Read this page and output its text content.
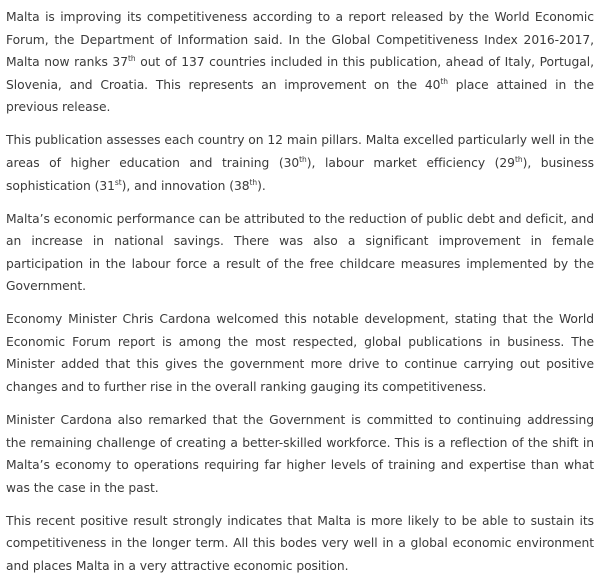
Malta is improving its competitiveness according to a report released by the World Economic Forum, the Department of Information said. In the Global Competitiveness Index 2016-2017, Malta now ranks 37th out of 137 countries included in this publication, ahead of Italy, Portugal, Slovenia, and Croatia. This represents an improvement on the 40th place attained in the previous release.

This publication assesses each country on 12 main pillars. Malta excelled particularly well in the areas of higher education and training (30th), labour market efficiency (29th), business sophistication (31st), and innovation (38th).

Malta’s economic performance can be attributed to the reduction of public debt and deficit, and an increase in national savings. There was also a significant improvement in female participation in the labour force a result of the free childcare measures implemented by the Government.

Economy Minister Chris Cardona welcomed this notable development, stating that the World Economic Forum report is among the most respected, global publications in business. The Minister added that this gives the government more drive to continue carrying out positive changes and to further rise in the overall ranking gauging its competitiveness.

Minister Cardona also remarked that the Government is committed to continuing addressing the remaining challenge of creating a better-skilled workforce. This is a reflection of the shift in Malta’s economy to operations requiring far higher levels of training and expertise than what was the case in the past.

This recent positive result strongly indicates that Malta is more likely to be able to sustain its competitiveness in the longer term. All this bodes very well in a global economic environment and places Malta in a very attractive economic position.
